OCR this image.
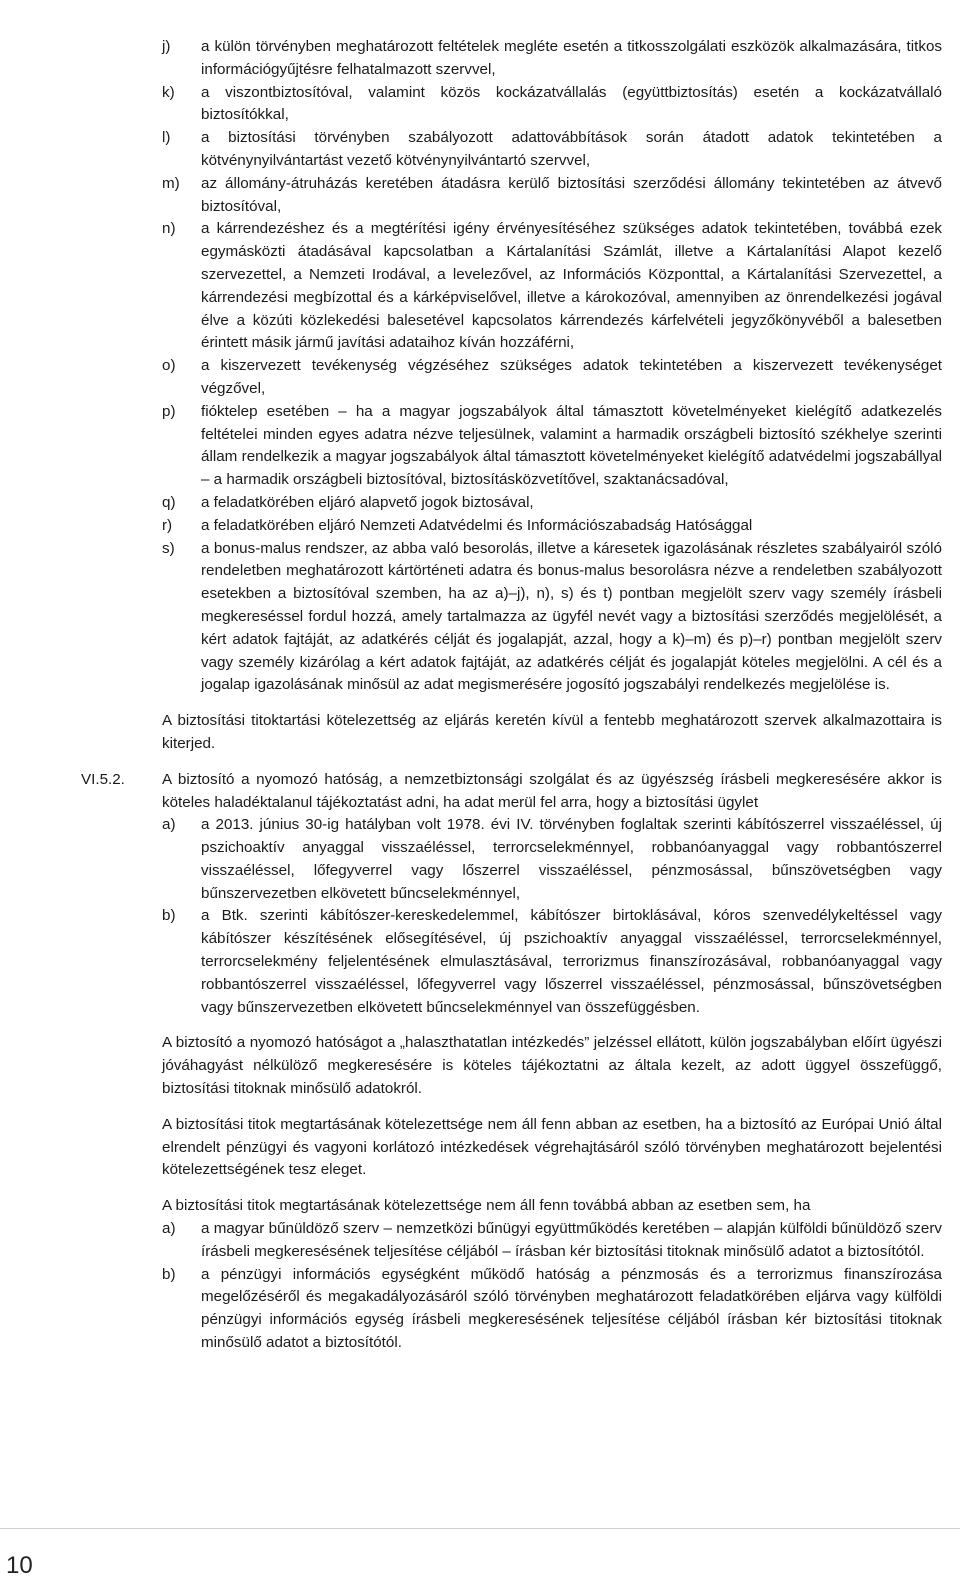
j)	a külön törvényben meghatározott feltételek megléte esetén a titkosszolgálati eszközök alkalmazására, titkos információgyűjtésre felhatalmazott szervvel,
k)	a viszontbiztosítóval, valamint közös kockázatvállalás (együttbiztosítás) esetén a kockázatvállaló biztosítókkal,
l)	a biztosítási törvényben szabályozott adattovábbítások során átadott adatok tekintetében a kötvénynyilvántartást vezető kötvénynyilvántartó szervvel,
m)	az állomány-átruházás keretében átadásra kerülő biztosítási szerződési állomány tekintetében az átvevő biztosítóval,
n)	a kárrendezéshez és a megtérítési igény érvényesítéséhez szükséges adatok tekintetében, továbbá ezek egymásközti átadásával kapcsolatban a Kártalanítási Számlát, illetve a Kártalanítási Alapot kezelő szervezettel, a Nemzeti Irodával, a levelezővel, az Információs Központtal, a Kártalanítási Szervezettel, a kárrendezési megbízottal és a kárképviselővel, illetve a károkozóval, amennyiben az önrendelkezési jogával élve a közúti közlekedési balesetével kapcsolatos kárrendezés kárfelvételi jegyzőkönyvéből a balesetben érintett másik jármű javítási adataihoz kíván hozzáférni,
o)	a kiszervezett tevékenység végzéséhez szükséges adatok tekintetében a kiszervezett tevékenységet végzővel,
p)	fióktelep esetében – ha a magyar jogszabályok által támasztott követelményeket kielégítő adatkezelés feltételei minden egyes adatra nézve teljesülnek, valamint a harmadik országbeli biztosító székhelye szerinti állam rendelkezik a magyar jogszabályok által támasztott követelményeket kielégítő adatvédelmi jogszabállyal – a harmadik országbeli biztosítóval, biztosításközvetítővel, szaktanácsadóval,
q)	a feladatkörében eljáró alapvető jogok biztosával,
r)	a feladatkörében eljáró Nemzeti Adatvédelmi és Információszabadság Hatósággal
s)	a bonus-malus rendszer, az abba való besorolás, illetve a káresetek igazolásának részletes szabályairól szóló rendeletben meghatározott kártörténeti adatra és bonus-malus besorolásra nézve a rendeletben szabályozott esetekben a biztosítóval szemben, ha az a)–j), n), s) és t) pontban megjelölt szerv vagy személy írásbeli megkereséssel fordul hozzá, amely tartalmazza az ügyfél nevét vagy a biztosítási szerződés megjelölését, a kért adatok fajtáját, az adatkérés célját és jogalapját, azzal, hogy a k)–m) és p)–r) pontban megjelölt szerv vagy személy kizárólag a kért adatok fajtáját, az adatkérés célját és jogalapját köteles megjelölni. A cél és a jogalap igazolásának minősül az adat megismerésére jogosító jogszabályi rendelkezés megjelölése is.

A biztosítási titoktartási kötelezettség az eljárás keretén kívül a fentebb meghatározott szervek alkalmazottaira is kiterjed.

VI.5.2. A biztosító a nyomozó hatóság, a nemzetbiztonsági szolgálat és az ügyészség írásbeli megkeresésére akkor is köteles haladéktalanul tájékoztatást adni, ha adat merül fel arra, hogy a biztosítási ügylet
a)	a 2013. június 30-ig hatályban volt 1978. évi IV. törvényben foglaltak szerinti kábítószerrel visszaéléssel, új pszichoaktív anyaggal visszaéléssel, terrorcselekménnyel, robbanóanyaggal vagy robbantószerrel visszaéléssel, lőfegyverrel vagy lőszerrel visszaéléssel, pénzmosással, bűnszövetségben vagy bűnszervezetben elkövetett bűncselekménnyel,
b)	a Btk. szerinti kábítószer-kereskedelemmel, kábítószer birtoklásával, kóros szenvedélykeltéssel vagy kábítószer készítésének elősegítésével, új pszichoaktív anyaggal visszaéléssel, terrorcselekménnyel, terrorcselekmény feljelentésének elmulasztásával, terrorizmus finanszírozásával, robbanóanyaggal vagy robbantószerrel visszaéléssel, lőfegyverrel vagy lőszerrel visszaéléssel, pénzmosással, bűnszövetségben vagy bűnszervezetben elkövetett bűncselekménnyel van összefüggésben.

A biztosító a nyomozó hatóságot a „halaszthatatlan intézkedés” jelzéssel ellátott, külön jogszabályban előírt ügyészi jóváhagyást nélkülöző megkeresésére is köteles tájékoztatni az általa kezelt, az adott üggyel összefüggő, biztosítási titoknak minősülő adatokról.

A biztosítási titok megtartásának kötelezettsége nem áll fenn abban az esetben, ha a biztosító az Európai Unió által elrendelt pénzügyi és vagyoni korlátozó intézkedések végrehajtásáról szóló törvényben meghatározott bejelentési kötelezettségének tesz eleget.

A biztosítási titok megtartásának kötelezettsége nem áll fenn továbbá abban az esetben sem, ha

a)	a magyar bűnüldöző szerv – nemzetközi bűnügyi együttműködés keretében – alapján külföldi bűnüldöző szerv írásbeli megkeresésének teljesítése céljából – írásban kér biztosítási titoknak minősülő adatot a biztosítótól.
b)	a pénzügyi információs egységként működő hatóság a pénzmosás és a terrorizmus finanszírozása megelőzéséről és megakadályozásáról szóló törvényben meghatározott feladatkörében eljárva vagy külföldi pénzügyi információs egység írásbeli megkeresésének teljesítése céljából írásban kér biztosítási titoknak minősülő adatot a biztosítótól.
10
